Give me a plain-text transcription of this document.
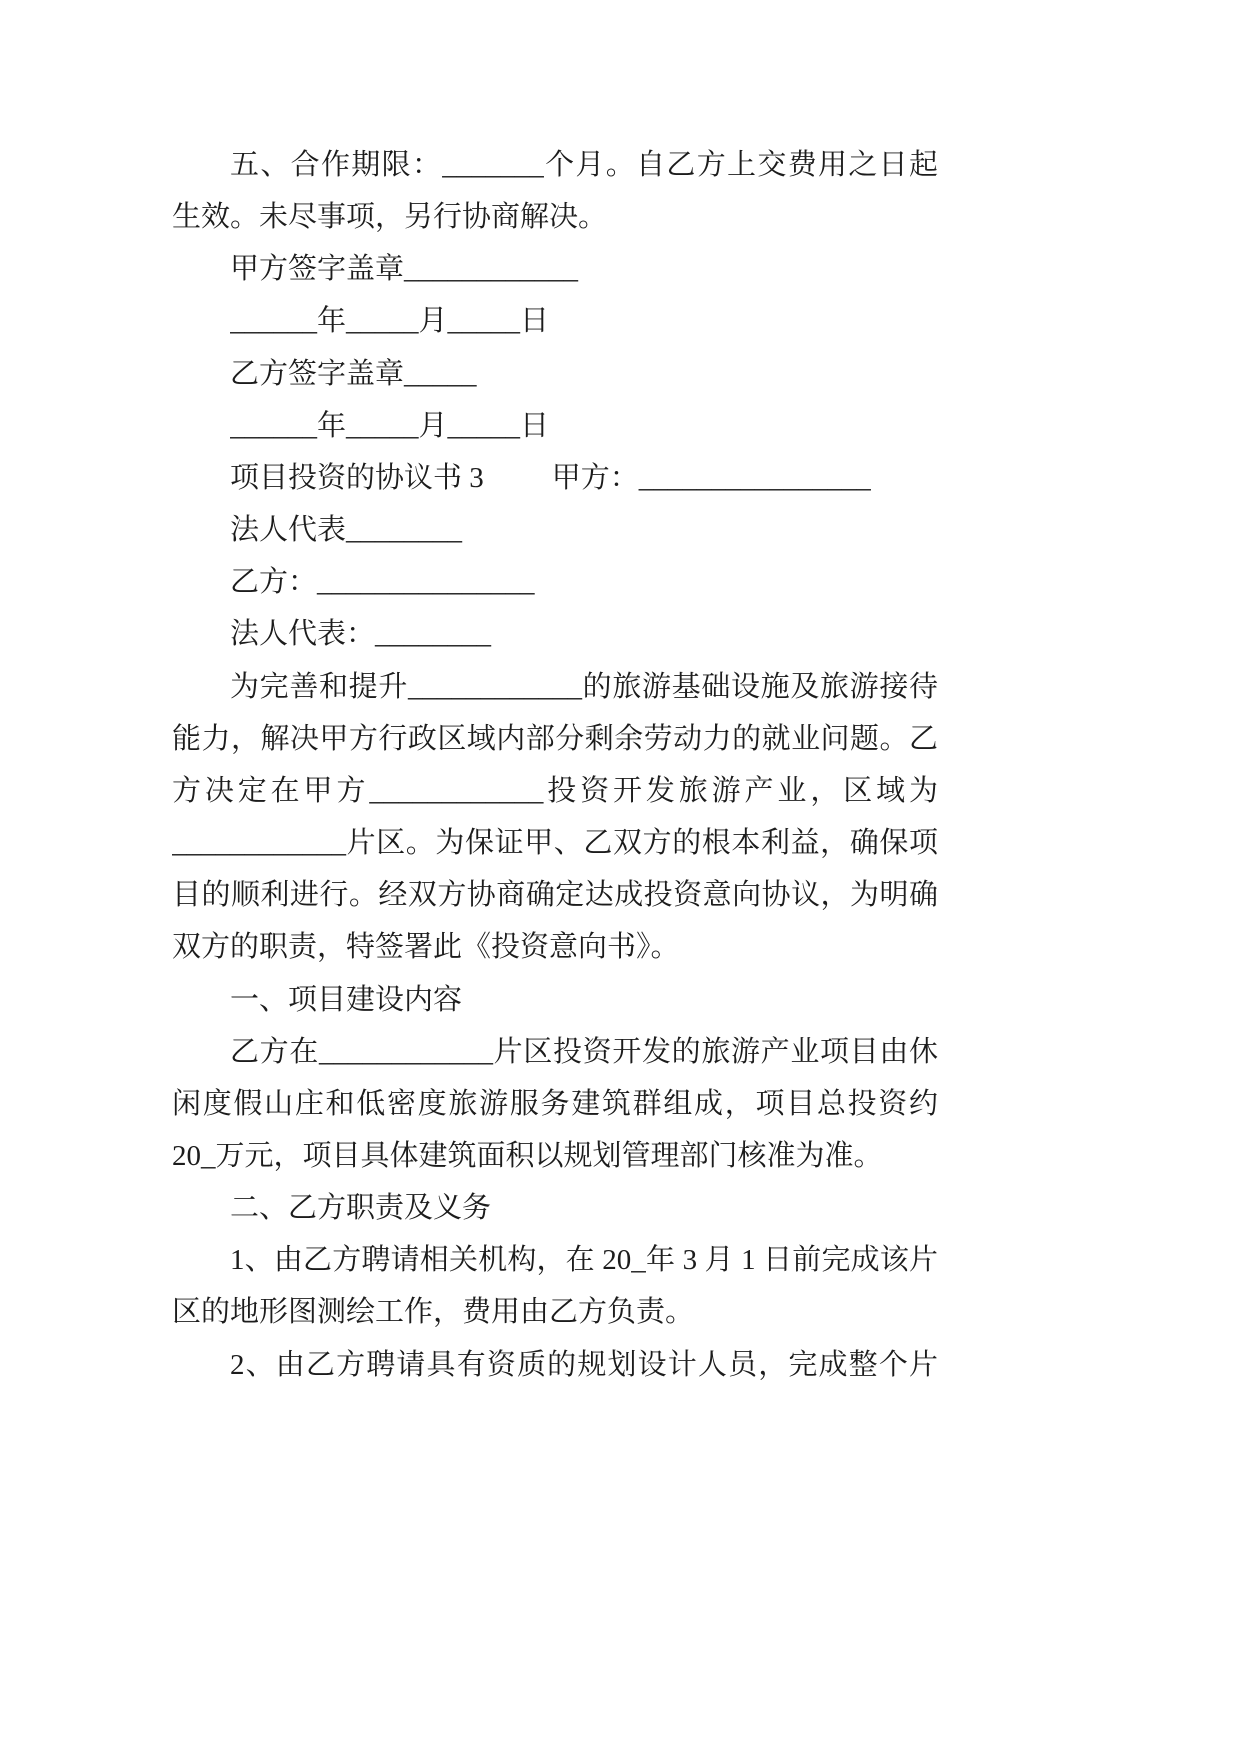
五、合作期限：_______个月。自乙方上交费用之日起
生效。未尽事项，另行协商解决。
甲方签字盖章____________
______年_____月_____日
乙方签字盖章_____
______年_____月_____日
项目投资的协议书 3 甲方：________________
法人代表________
乙方：_______________
法人代表：________
为完善和提升____________的旅游基础设施及旅游接待
能力，解决甲方行政区域内部分剩余劳动力的就业问题。乙
方决定在甲方____________投资开发旅游产业，区域为
____________片区。为保证甲、乙双方的根本利益，确保项
目的顺利进行。经双方协商确定达成投资意向协议，为明确
双方的职责，特签署此《投资意向书》。
一、项目建设内容
乙方在____________片区投资开发的旅游产业项目由休
闲度假山庄和低密度旅游服务建筑群组成，项目总投资约
20_万元，项目具体建筑面积以规划管理部门核准为准。
二、乙方职责及义务
1、由乙方聘请相关机构，在 20_年 3 月 1 日前完成该片
区的地形图测绘工作，费用由乙方负责。
2、由乙方聘请具有资质的规划设计人员，完成整个片
